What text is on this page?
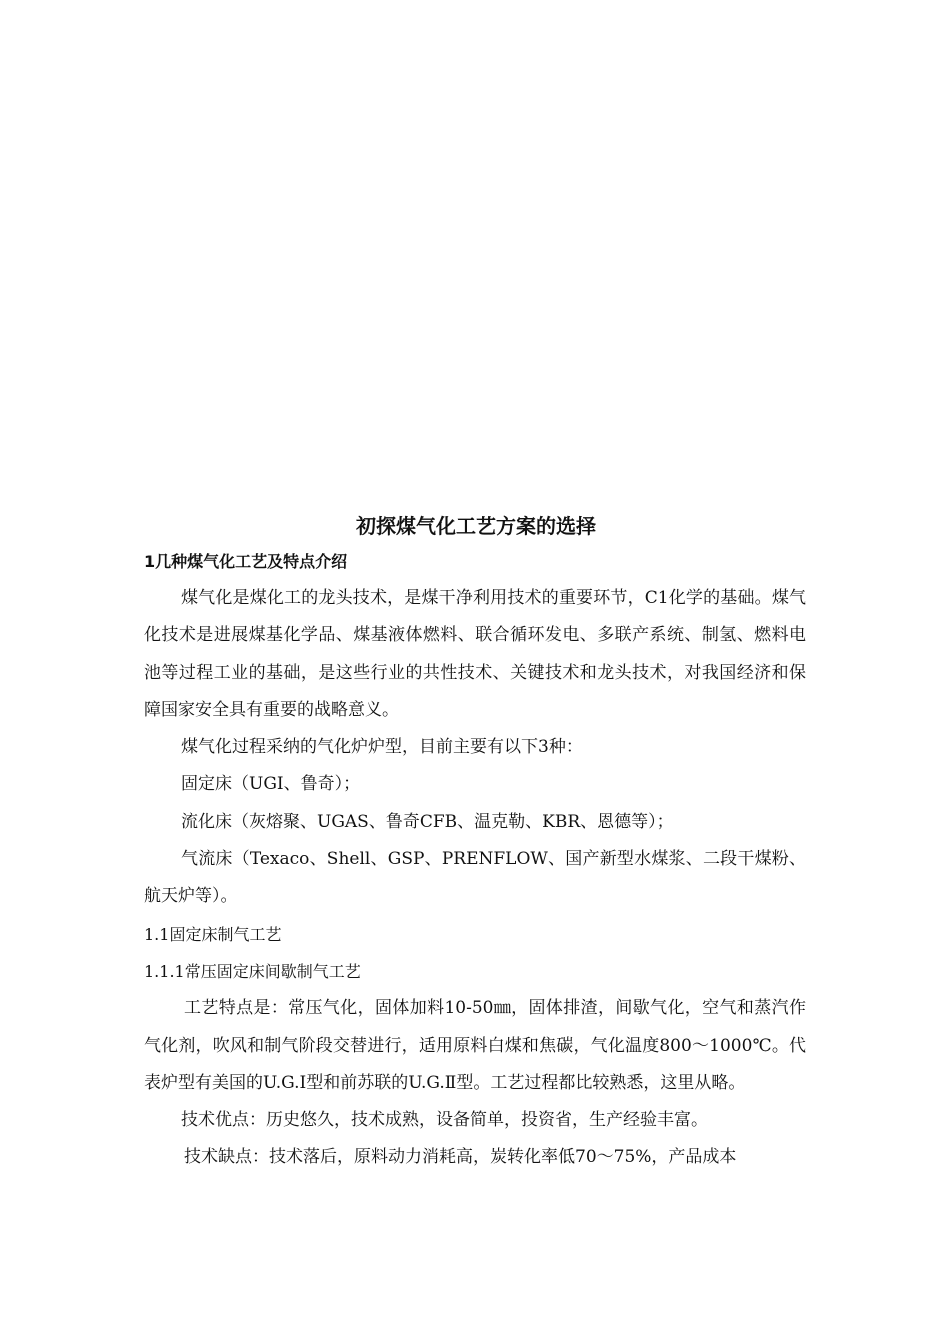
初探煤气化工艺方案的选择
1几种煤气化工艺及特点介绍

煤气化是煤化工的龙头技术，是煤干净利用技术的重要环节，C1化学的基础。煤气化技术是进展煤基化学品、煤基液体燃料、联合循环发电、多联产系统、制氢、燃料电池等过程工业的基础，是这些行业的共性技术、关键技术和龙头技术，对我国经济和保障国家安全具有重要的战略意义。

煤气化过程采纳的气化炉炉型，目前主要有以下3种：

固定床（UGI、鲁奇）；

流化床（灰熔聚、UGAS、鲁奇CFB、温克勒、KBR、恩德等）；

气流床（Texaco、Shell、GSP、PRENFLOW、国产新型水煤浆、二段干煤粉、航天炉等）。

1.1固定床制气工艺

1.1.1常压固定床间歇制气工艺

工艺特点是：常压气化，固体加料10-50㎜，固体排渣，间歇气化，空气和蒸汽作气化剂，吹风和制气阶段交替进行，适用原料白煤和焦碳，气化温度800～1000℃。代表炉型有美国的U.G.I型和前苏联的U.G.Ⅱ型。工艺过程都比较熟悉，这里从略。

技术优点：历史悠久，技术成熟，设备简单，投资省，生产经验丰富。

技术缺点：技术落后，原料动力消耗高，炭转化率低70～75%，产品成本
